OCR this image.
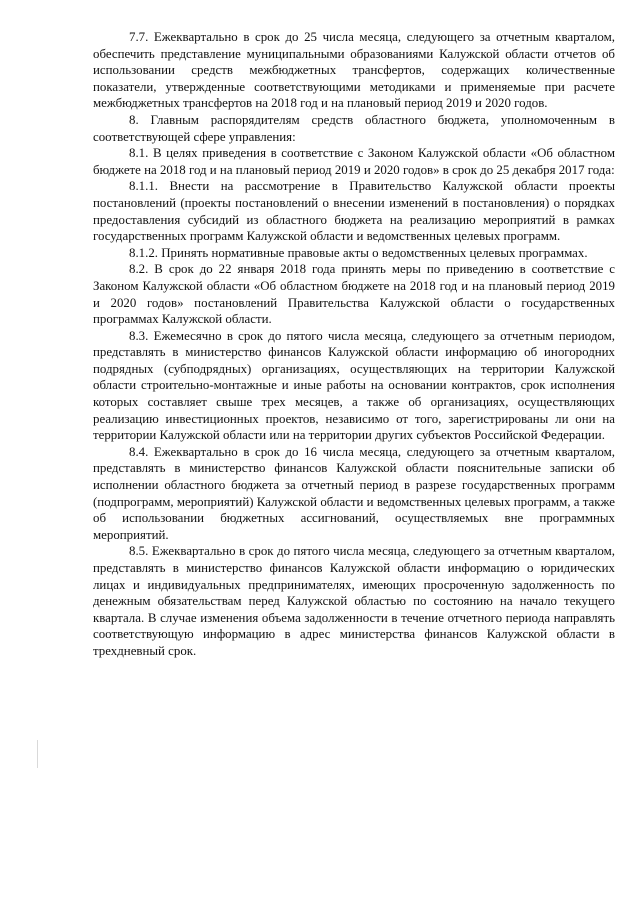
7.7. Ежеквартально в срок до 25 числа месяца, следующего за отчетным кварталом, обеспечить представление муниципальными образованиями Калужской области отчетов об использовании средств межбюджетных трансфертов, содержащих количественные показатели, утвержденные соответствующими методиками и применяемые при расчете межбюджетных трансфертов на 2018 год и на плановый период 2019 и 2020 годов.

8. Главным распорядителям средств областного бюджета, уполномоченным в соответствующей сфере управления:

8.1. В целях приведения в соответствие с Законом Калужской области «Об областном бюджете на 2018 год и на плановый период 2019 и 2020 годов» в срок до 25 декабря 2017 года:

8.1.1. Внести на рассмотрение в Правительство Калужской области проекты постановлений (проекты постановлений о внесении изменений в постановления) о порядках предоставления субсидий из областного бюджета на реализацию мероприятий в рамках государственных программ Калужской области и ведомственных целевых программ.

8.1.2. Принять нормативные правовые акты о ведомственных целевых программах.

8.2. В срок до 22 января 2018 года принять меры по приведению в соответствие с Законом Калужской области «Об областном бюджете на 2018 год и на плановый период 2019 и 2020 годов» постановлений Правительства Калужской области о государственных программах Калужской области.

8.3. Ежемесячно в срок до пятого числа месяца, следующего за отчетным периодом, представлять в министерство финансов Калужской области информацию об иногородних подрядных (субподрядных) организациях, осуществляющих на территории Калужской области строительно-монтажные и иные работы на основании контрактов, срок исполнения которых составляет свыше трех месяцев, а также об организациях, осуществляющих реализацию инвестиционных проектов, независимо от того, зарегистрированы ли они на территории Калужской области или на территории других субъектов Российской Федерации.

8.4. Ежеквартально в срок до 16 числа месяца, следующего за отчетным кварталом, представлять в министерство финансов Калужской области пояснительные записки об исполнении областного бюджета за отчетный период в разрезе государственных программ (подпрограмм, мероприятий) Калужской области и ведомственных целевых программ, а также об использовании бюджетных ассигнований, осуществляемых вне программных мероприятий.

8.5. Ежеквартально в срок до пятого числа месяца, следующего за отчетным кварталом, представлять в министерство финансов Калужской области информацию о юридических лицах и индивидуальных предпринимателях, имеющих просроченную задолженность по денежным обязательствам перед Калужской областью по состоянию на начало текущего квартала. В случае изменения объема задолженности в течение отчетного периода направлять соответствующую информацию в адрес министерства финансов Калужской области в трехдневный срок.
